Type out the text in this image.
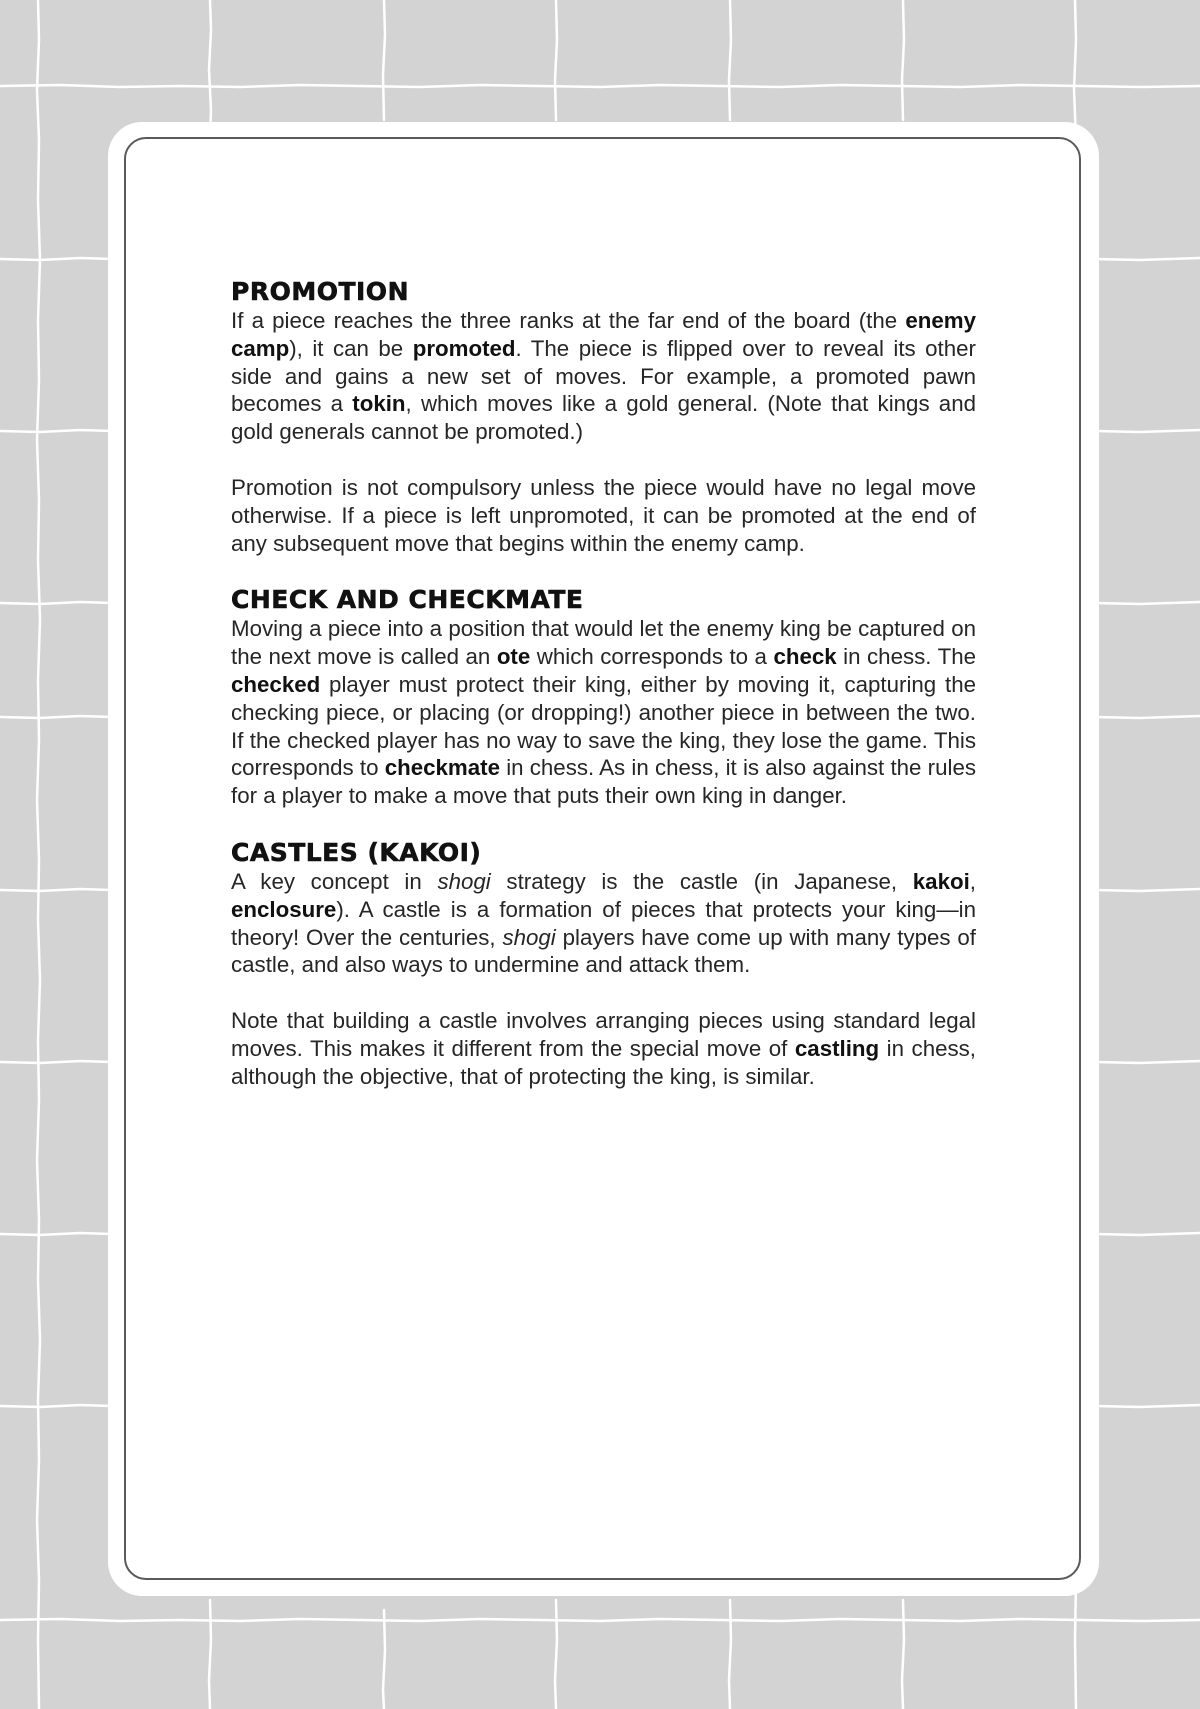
PROMOTION

If a piece reaches the three ranks at the far end of the board (the enemy camp), it can be promoted. The piece is flipped over to reveal its other side and gains a new set of moves. For example, a promoted pawn becomes a tokin, which moves like a gold general. (Note that kings and gold generals cannot be promoted.)

Promotion is not compulsory unless the piece would have no legal move otherwise. If a piece is left unpromoted, it can be promoted at the end of any subsequent move that begins within the enemy camp.

CHECK AND CHECKMATE

Moving a piece into a position that would let the enemy king be captured on the next move is called an ote which corresponds to a check in chess. The checked player must protect their king, either by moving it, capturing the checking piece, or placing (or dropping!) another piece in between the two. If the checked player has no way to save the king, they lose the game. This corresponds to checkmate in chess. As in chess, it is also against the rules for a player to make a move that puts their own king in danger.

CASTLES (KAKOI)

A key concept in shogi strategy is the castle (in Japanese, kakoi, enclosure). A castle is a formation of pieces that protects your king—in theory! Over the centuries, shogi players have come up with many types of castle, and also ways to undermine and attack them.

Note that building a castle involves arranging pieces using standard legal moves. This makes it different from the special move of castling in chess, although the objective, that of protecting the king, is similar.
